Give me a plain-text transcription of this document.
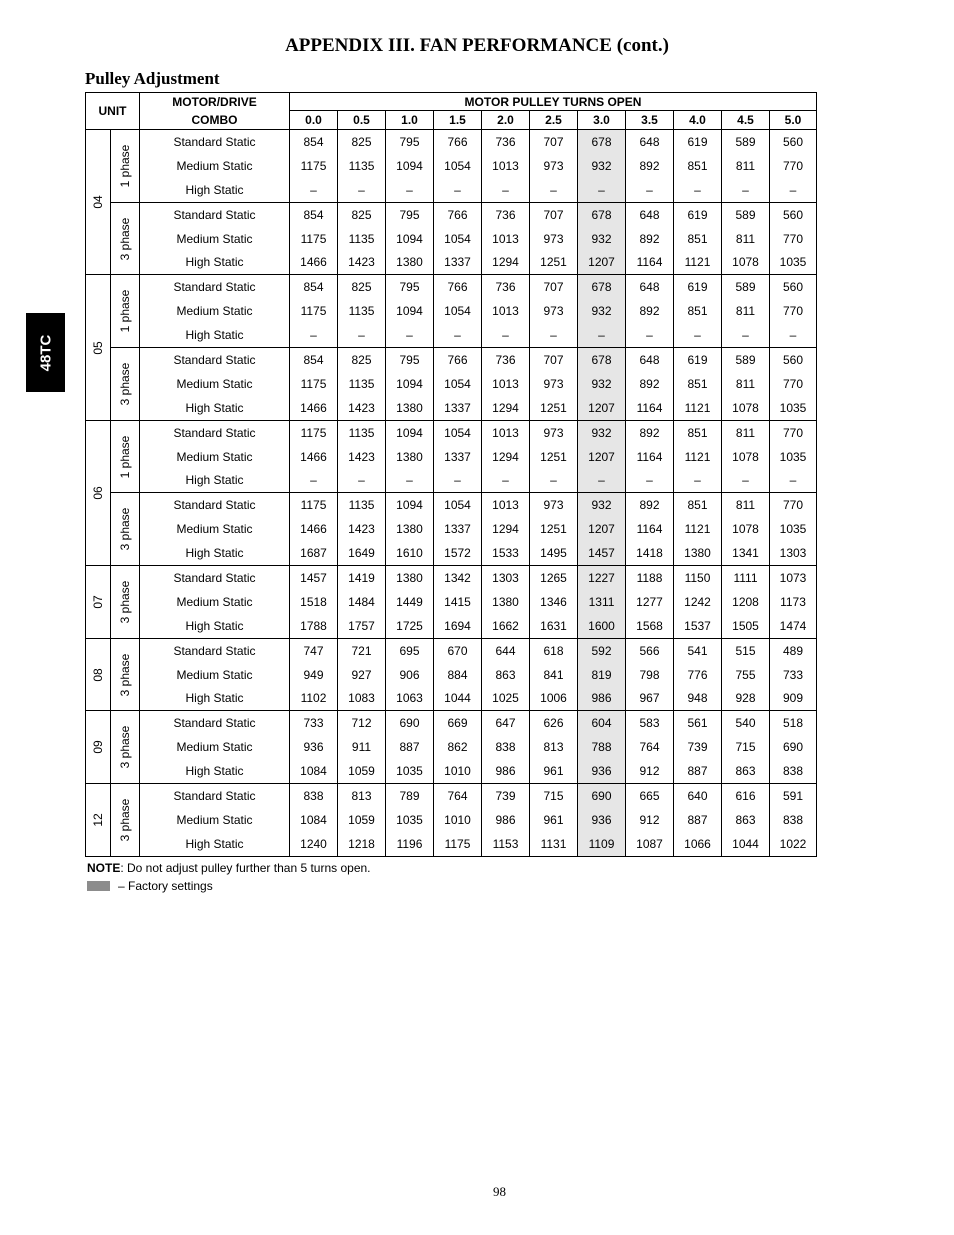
APPENDIX III. FAN PERFORMANCE (cont.)
Pulley Adjustment
48TC
UNIT		MOTOR/DRIVE	MOTOR PULLEY TURNS OPEN										
		COMBO	0.0	0.5	1.0	1.5	2.0	2.5	3.0	3.5	4.0	4.5	5.0

04	1 phase	Standard Static	854	825	795	766	736	707	678	648	619	589	560
		Medium Static	1175	1135	1094	1054	1013	973	932	892	851	811	770
		High Static	–	–	–	–	–	–	–	–	–	–	–

	3 phase	Standard Static	854	825	795	766	736	707	678	648	619	589	560
		Medium Static	1175	1135	1094	1054	1013	973	932	892	851	811	770
		High Static	1466	1423	1380	1337	1294	1251	1207	1164	1121	1078	1035

05	1 phase	Standard Static	854	825	795	766	736	707	678	648	619	589	560
		Medium Static	1175	1135	1094	1054	1013	973	932	892	851	811	770
		High Static	–	–	–	–	–	–	–	–	–	–	–

	3 phase	Standard Static	854	825	795	766	736	707	678	648	619	589	560
		Medium Static	1175	1135	1094	1054	1013	973	932	892	851	811	770
		High Static	1466	1423	1380	1337	1294	1251	1207	1164	1121	1078	1035

06	1 phase	Standard Static	1175	1135	1094	1054	1013	973	932	892	851	811	770
		Medium Static	1466	1423	1380	1337	1294	1251	1207	1164	1121	1078	1035
		High Static	–	–	–	–	–	–	–	–	–	–	–

	3 phase	Standard Static	1175	1135	1094	1054	1013	973	932	892	851	811	770
		Medium Static	1466	1423	1380	1337	1294	1251	1207	1164	1121	1078	1035
		High Static	1687	1649	1610	1572	1533	1495	1457	1418	1380	1341	1303

07	3 phase	Standard Static	1457	1419	1380	1342	1303	1265	1227	1188	1150	1111	1073
		Medium Static	1518	1484	1449	1415	1380	1346	1311	1277	1242	1208	1173
		High Static	1788	1757	1725	1694	1662	1631	1600	1568	1537	1505	1474

08	3 phase	Standard Static	747	721	695	670	644	618	592	566	541	515	489
		Medium Static	949	927	906	884	863	841	819	798	776	755	733
		High Static	1102	1083	1063	1044	1025	1006	986	967	948	928	909

09	3 phase	Standard Static	733	712	690	669	647	626	604	583	561	540	518
		Medium Static	936	911	887	862	838	813	788	764	739	715	690
		High Static	1084	1059	1035	1010	986	961	936	912	887	863	838

12	3 phase	Standard Static	838	813	789	764	739	715	690	665	640	616	591
		Medium Static	1084	1059	1035	1010	986	961	936	912	887	863	838
		High Static	1240	1218	1196	1175	1153	1131	1109	1087	1066	1044	1022
NOTE: Do not adjust pulley further than 5 turns open.
– Factory settings
98
